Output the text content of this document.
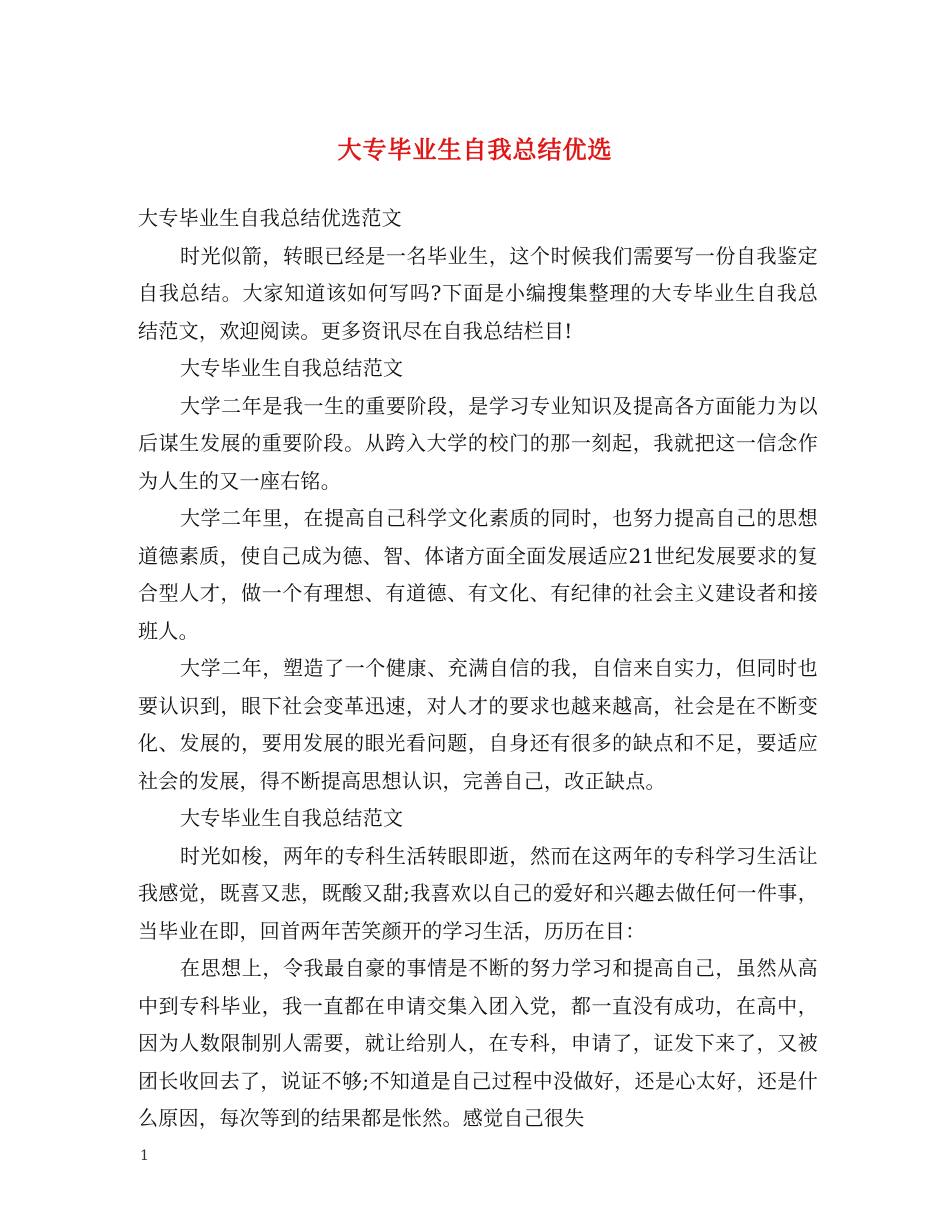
大专毕业生自我总结优选

大专毕业生自我总结优选范文

时光似箭，转眼已经是一名毕业生，这个时候我们需要写一份自我鉴定自我总结。大家知道该如何写吗?下面是小编搜集整理的大专毕业生自我总结范文，欢迎阅读。更多资讯尽在自我总结栏目!

大专毕业生自我总结范文

大学二年是我一生的重要阶段，是学习专业知识及提高各方面能力为以后谋生发展的重要阶段。从跨入大学的校门的那一刻起，我就把这一信念作为人生的又一座右铭。

大学二年里，在提高自己科学文化素质的同时，也努力提高自己的思想道德素质，使自己成为德、智、体诸方面全面发展适应21世纪发展要求的复合型人才，做一个有理想、有道德、有文化、有纪律的社会主义建设者和接班人。

大学二年，塑造了一个健康、充满自信的我，自信来自实力，但同时也要认识到，眼下社会变革迅速，对人才的要求也越来越高，社会是在不断变化、发展的，要用发展的眼光看问题，自身还有很多的缺点和不足，要适应社会的发展，得不断提高思想认识，完善自己，改正缺点。

大专毕业生自我总结范文

时光如梭，两年的专科生活转眼即逝，然而在这两年的专科学习生活让我感觉，既喜又悲，既酸又甜;我喜欢以自己的爱好和兴趣去做任何一件事，当毕业在即，回首两年苦笑颜开的学习生活，历历在目：

在思想上，令我最自豪的事情是不断的努力学习和提高自己，虽然从高中到专科毕业，我一直都在申请交集入团入党，都一直没有成功，在高中，因为人数限制别人需要，就让给别人，在专科，申请了，证发下来了，又被团长收回去了，说证不够;不知道是自己过程中没做好，还是心太好，还是什么原因，每次等到的结果都是怅然。感觉自己很失

1
